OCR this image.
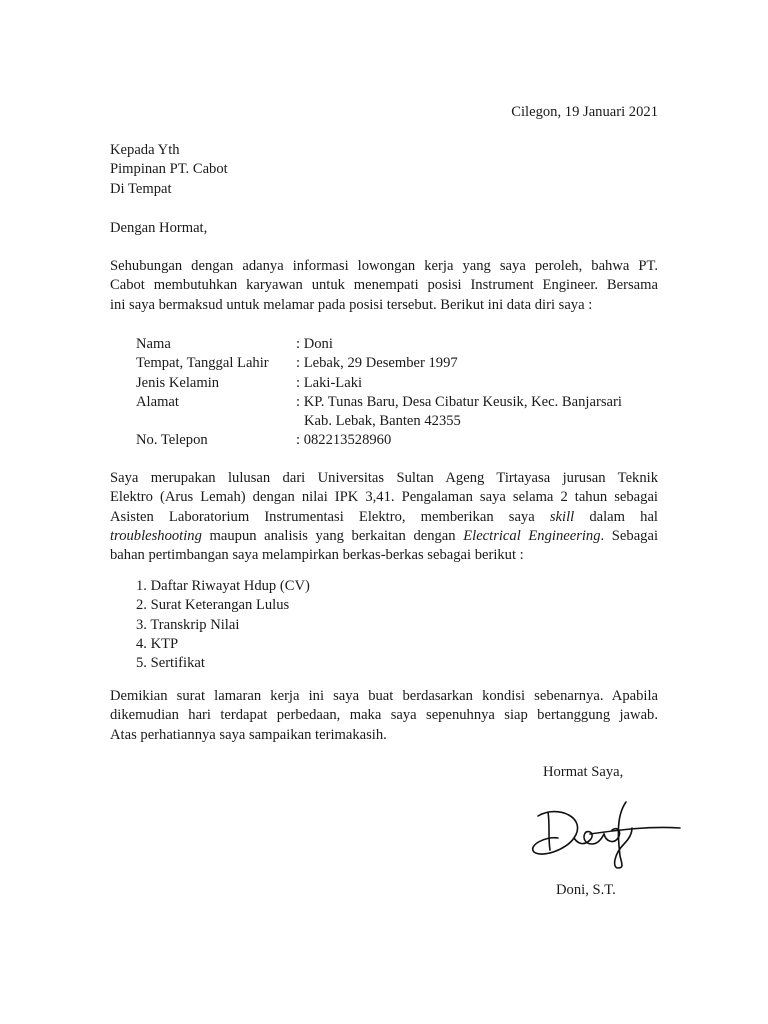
Cilegon, 19 Januari 2021
Kepada Yth
Pimpinan PT. Cabot
Di Tempat
Dengan Hormat,
Sehubungan dengan adanya informasi lowongan kerja yang saya peroleh, bahwa PT.
Cabot membutuhkan karyawan untuk menempati posisi Instrument Engineer. Bersama
ini saya bermaksud untuk melamar pada posisi tersebut. Berikut ini data diri saya :
Nama	: Doni
Tempat, Tanggal Lahir	: Lebak, 29 Desember 1997
Jenis Kelamin	: Laki-Laki
Alamat	: KP. Tunas Baru, Desa Cibatur Keusik, Kec. Banjarsari
Kab. Lebak, Banten 42355
No. Telepon	: 082213528960
Saya merupakan lulusan dari Universitas Sultan Ageng Tirtayasa jurusan Teknik
Elektro (Arus Lemah) dengan nilai IPK 3,41. Pengalaman saya selama 2 tahun sebagai
Asisten Laboratorium Instrumentasi Elektro, memberikan saya skill dalam hal
troubleshooting maupun analisis yang berkaitan dengan Electrical Engineering. Sebagai
bahan pertimbangan saya melampirkan berkas-berkas sebagai berikut :
1. Daftar Riwayat Hdup (CV)
2. Surat Keterangan Lulus
3. Transkrip Nilai
4. KTP
5. Sertifikat
Demikian surat lamaran kerja ini saya buat berdasarkan kondisi sebenarnya. Apabila
dikemudian hari terdapat perbedaan, maka saya sepenuhnya siap bertanggung jawab.
Atas perhatiannya saya sampaikan terimakasih.
Hormat Saya,
Doni, S.T.
